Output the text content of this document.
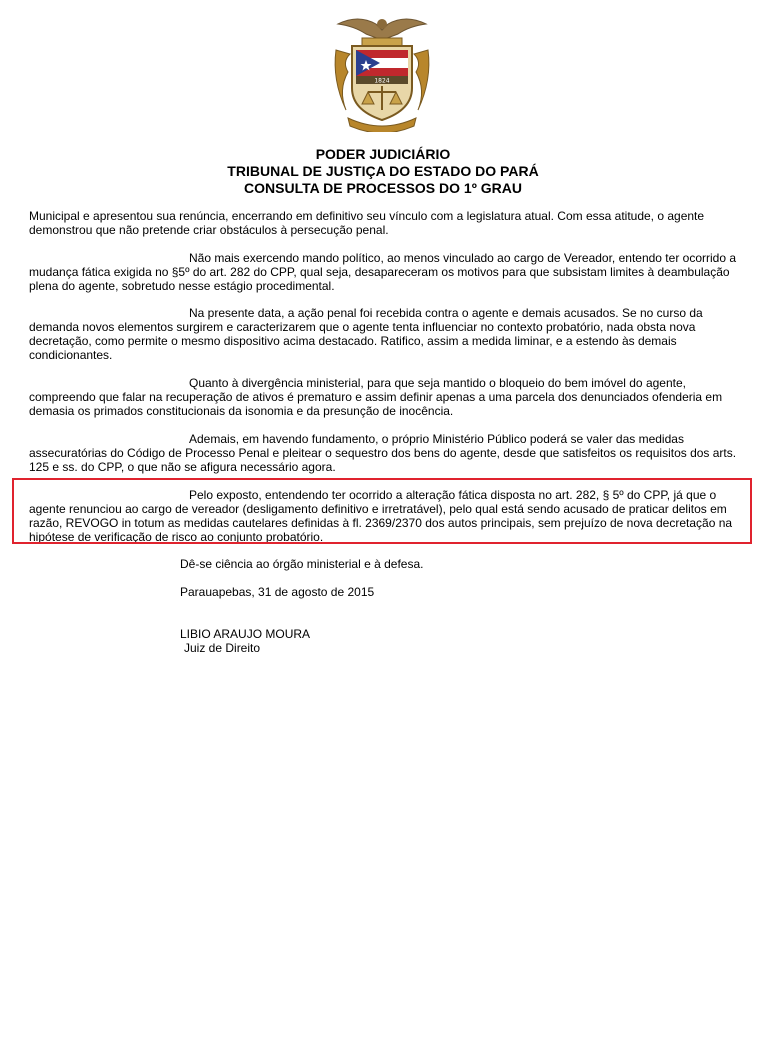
1824
PODER JUDICIÁRIO
TRIBUNAL DE JUSTIÇA DO ESTADO DO PARÁ
CONSULTA DE PROCESSOS DO 1º GRAU

Municipal e apresentou sua renúncia, encerrando em definitivo seu vínculo com a legislatura atual. Com essa atitude, o agente demonstrou que não pretende criar obstáculos à persecução penal.

Não mais exercendo mando político, ao menos vinculado ao cargo de Vereador, entendo ter ocorrido a mudança fática exigida no §5º do art. 282 do CPP, qual seja, desapareceram os motivos para que subsistam limites à deambulação plena do agente, sobretudo nesse estágio procedimental.

Na presente data, a ação penal foi recebida contra o agente e demais acusados. Se no curso da demanda novos elementos surgirem e caracterizarem que o agente tenta influenciar no contexto probatório, nada obsta nova decretação, como permite o mesmo dispositivo acima destacado. Ratifico, assim a medida liminar, e a estendo às demais condicionantes.

Quanto à divergência ministerial, para que seja mantido o bloqueio do bem imóvel do agente, compreendo que falar na recuperação de ativos é prematuro e assim definir apenas a uma parcela dos denunciados ofenderia em demasia os primados constitucionais da isonomia e da presunção de inocência.

Ademais, em havendo fundamento, o próprio Ministério Público poderá se valer das medidas assecuratórias do Código de Processo Penal e pleitear o sequestro dos bens do agente, desde que satisfeitos os requisitos dos arts. 125 e ss. do CPP, o que não se afigura necessário agora.

Pelo exposto, entendendo ter ocorrido a alteração fática disposta no art. 282, § 5º do CPP, já que o agente renunciou ao cargo de vereador (desligamento definitivo e irretratável), pelo qual está sendo acusado de praticar delitos em razão, REVOGO in totum as medidas cautelares definidas à fl. 2369/2370 dos autos principais, sem prejuízo de nova decretação na hipótese de verificação de risco ao conjunto probatório.

Dê-se ciência ao órgão ministerial e à defesa.

Parauapebas, 31 de agosto de 2015

LIBIO ARAUJO MOURA

Juiz de Direito
